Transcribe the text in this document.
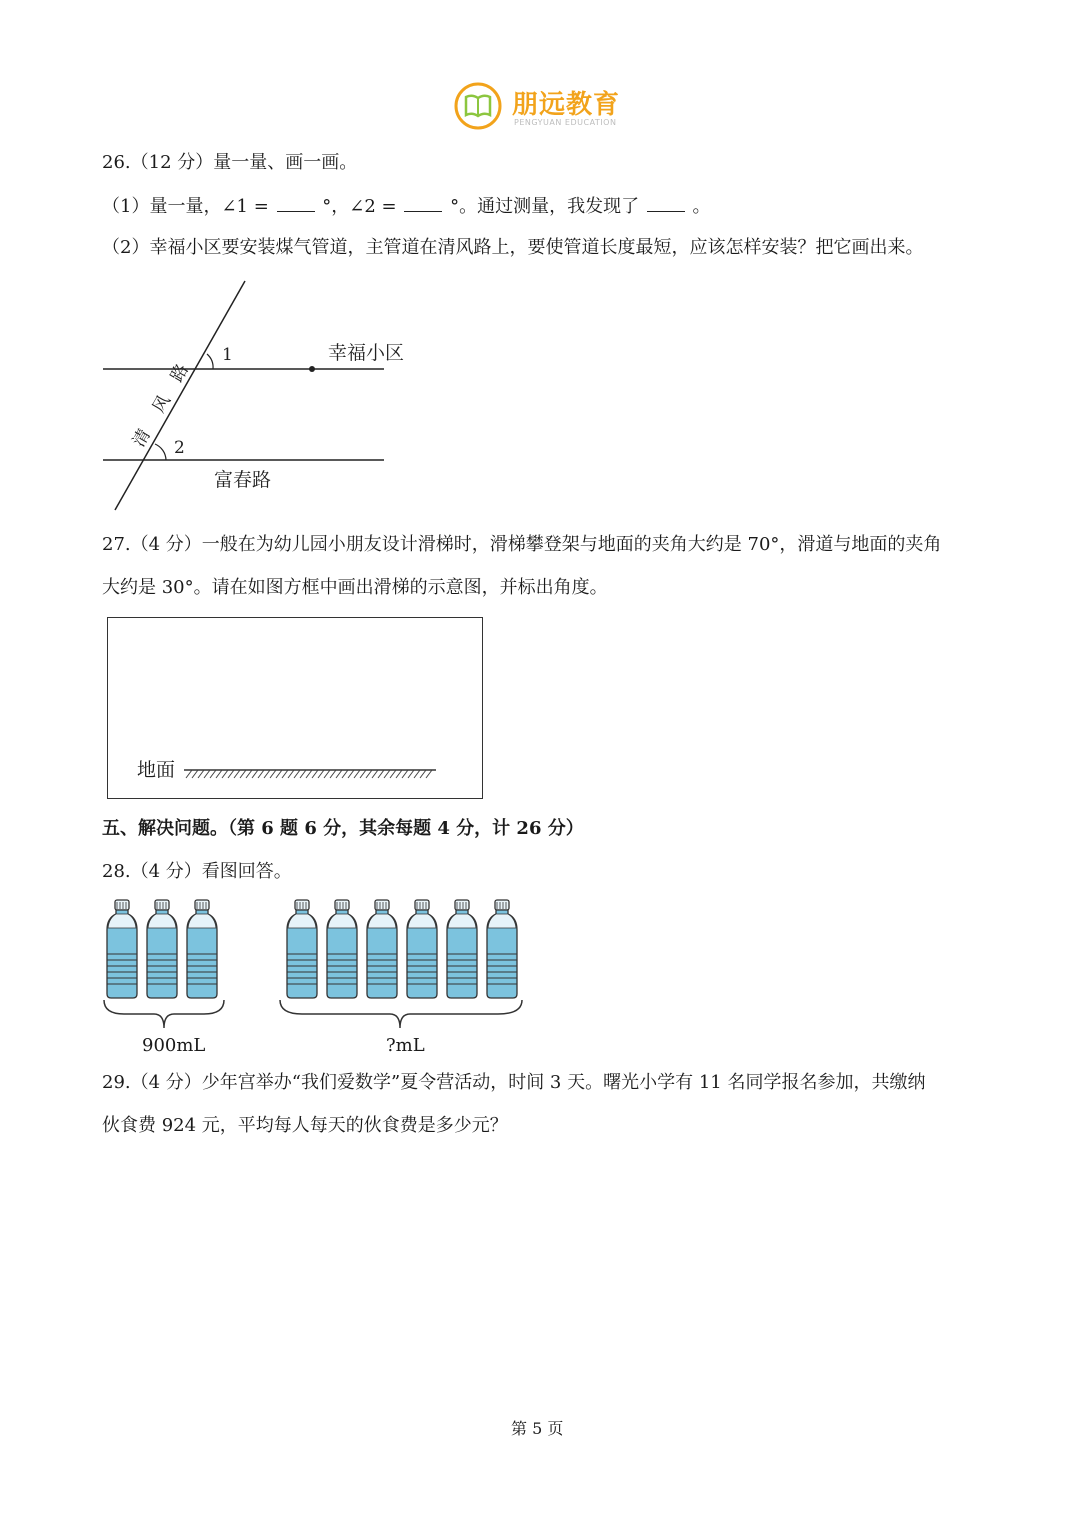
朋远教育
PENGYUAN EDUCATION
26.（12 分）量一量、画一画。
（1）量一量，∠1 =	°，∠2 =	°。通过测量，我发现了	。
（2）幸福小区要安装煤气管道，主管道在清风路上，要使管道长度最短，应该怎样安装？把它画出来。
1
2
幸福小区
富春路
清
风
路
27.（4 分）一般在为幼儿园小朋友设计滑梯时，滑梯攀登架与地面的夹角大约是 70°，滑道与地面的夹角
大约是 30°。请在如图方框中画出滑梯的示意图，并标出角度。
地面
五、解决问题。（第 6 题 6 分，其余每题 4 分，计 26 分）
28.（4 分）看图回答。
900mL	?mL
29.（4 分）少年宫举办“我们爱数学”夏令营活动，时间 3 天。曙光小学有 11 名同学报名参加，共缴纳
伙食费 924 元，平均每人每天的伙食费是多少元？
第 5 页
